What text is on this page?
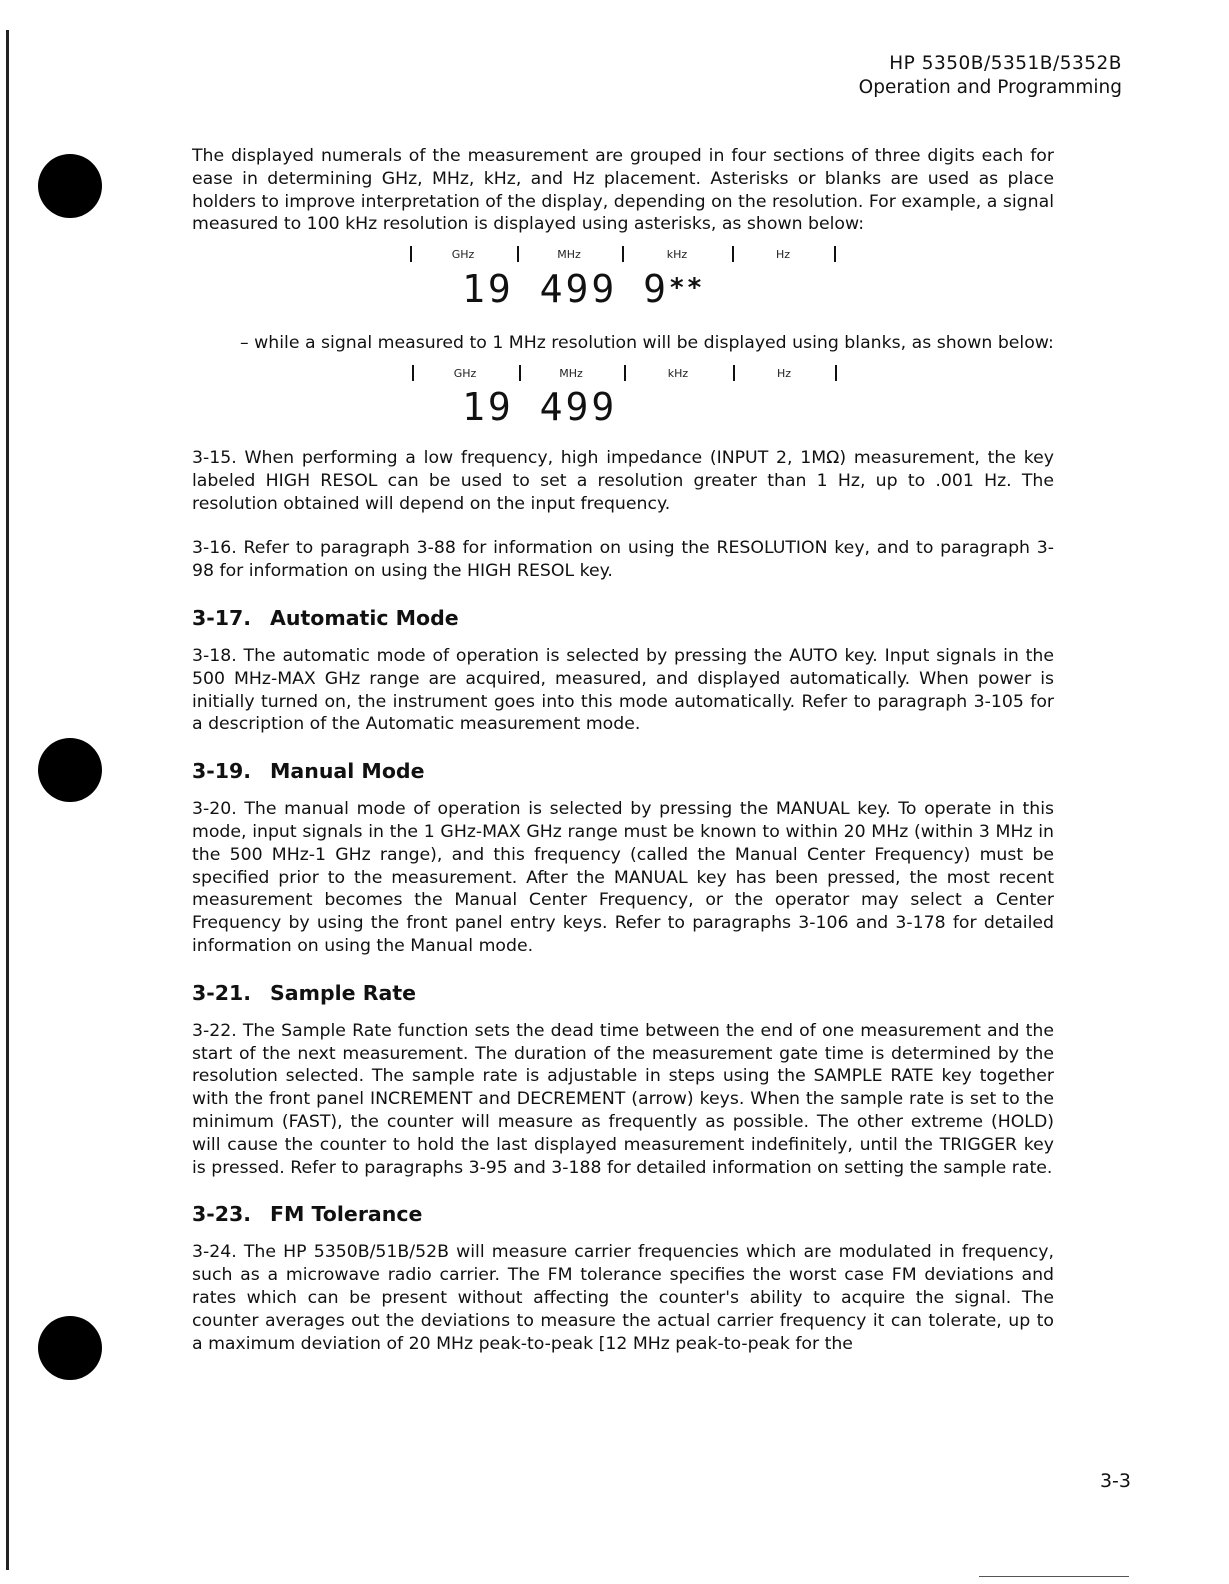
HP 5350B/5351B/5352B
Operation and Programming

The displayed numerals of the measurement are grouped in four sections of three digits each for ease in determining GHz, MHz, kHz, and Hz placement. Asterisks or blanks are used as place holders to improve interpretation of the display, depending on the resolution. For example, a signal measured to 100 kHz resolution is displayed using asterisks, as shown below:

GHz	MHz	kHz	Hz
19 499 9**

– while a signal measured to 1 MHz resolution will be displayed using blanks, as shown below:

GHz	MHz	kHz	Hz
19 499

3-15. When performing a low frequency, high impedance (INPUT 2, 1MΩ) measurement, the key labeled HIGH RESOL can be used to set a resolution greater than 1 Hz, up to .001 Hz. The resolution obtained will depend on the input frequency.

3-16. Refer to paragraph 3-88 for information on using the RESOLUTION key, and to paragraph 3-98 for information on using the HIGH RESOL key.

3-17. Automatic Mode

3-18. The automatic mode of operation is selected by pressing the AUTO key. Input signals in the 500 MHz-MAX GHz range are acquired, measured, and displayed automatically. When power is initially turned on, the instrument goes into this mode automatically. Refer to paragraph 3-105 for a description of the Automatic measurement mode.

3-19. Manual Mode

3-20. The manual mode of operation is selected by pressing the MANUAL key. To operate in this mode, input signals in the 1 GHz-MAX GHz range must be known to within 20 MHz (within 3 MHz in the 500 MHz-1 GHz range), and this frequency (called the Manual Center Frequency) must be specified prior to the measurement. After the MANUAL key has been pressed, the most recent measurement becomes the Manual Center Frequency, or the operator may select a Center Frequency by using the front panel entry keys. Refer to paragraphs 3-106 and 3-178 for detailed information on using the Manual mode.

3-21. Sample Rate

3-22. The Sample Rate function sets the dead time between the end of one measurement and the start of the next measurement. The duration of the measurement gate time is determined by the resolution selected. The sample rate is adjustable in steps using the SAMPLE RATE key together with the front panel INCREMENT and DECREMENT (arrow) keys. When the sample rate is set to the minimum (FAST), the counter will measure as frequently as possible. The other extreme (HOLD) will cause the counter to hold the last displayed measurement indefinitely, until the TRIGGER key is pressed. Refer to paragraphs 3-95 and 3-188 for detailed information on setting the sample rate.

3-23. FM Tolerance

3-24. The HP 5350B/51B/52B will measure carrier frequencies which are modulated in frequency, such as a microwave radio carrier. The FM tolerance specifies the worst case FM deviations and rates which can be present without affecting the counter's ability to acquire the signal. The counter averages out the deviations to measure the actual carrier frequency it can tolerate, up to a maximum deviation of 20 MHz peak-to-peak [12 MHz peak-to-peak for the

3-3
